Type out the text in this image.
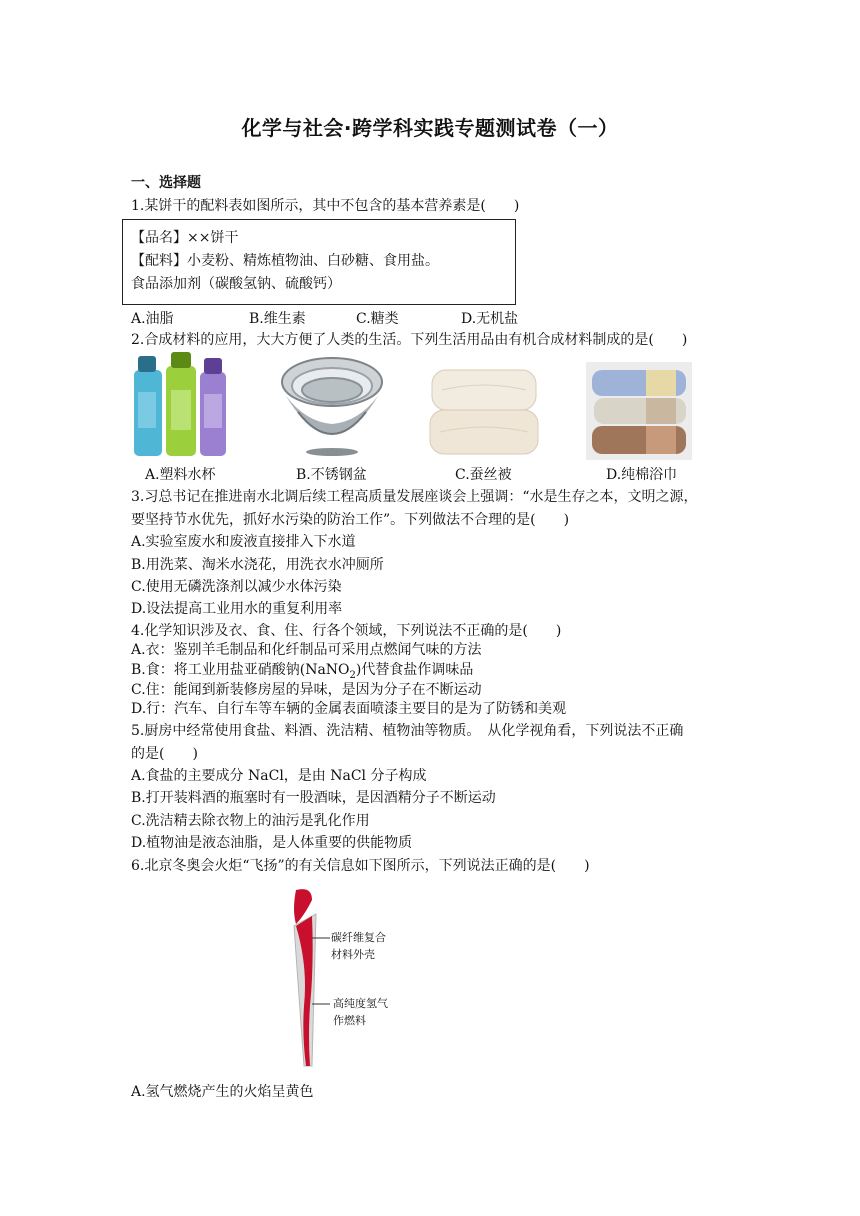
化学与社会·跨学科实践专题测试卷（一）
一、选择题
1.某饼干的配料表如图所示，其中不包含的基本营养素是(　　)
【品名】××饼干
【配料】小麦粉、精炼植物油、白砂糖、食用盐。
食品添加剂（碳酸氢钠、硫酸钙）
A.油脂	B.维生素	C.糖类	D.无机盐
2.合成材料的应用，大大方便了人类的生活。下列生活用品由有机合成材料制成的是(　　)
A.塑料水杯	B.不锈钢盆	C.蚕丝被	D.纯棉浴巾
3.习总书记在推进南水北调后续工程高质量发展座谈会上强调：“水是生存之本，文明之源，
要坚持节水优先，抓好水污染的防治工作”。下列做法不合理的是(　　)
A.实验室废水和废液直接排入下水道
B.用洗菜、淘米水浇花，用洗衣水冲厕所
C.使用无磷洗涤剂以减少水体污染
D.设法提高工业用水的重复利用率
4.化学知识涉及衣、食、住、行各个领域，下列说法不正确的是(　　)
A.衣：鉴别羊毛制品和化纤制品可采用点燃闻气味的方法
B.食：将工业用盐亚硝酸钠(NaNO$_2$)代替食盐作调味品
C.住：能闻到新装修房屋的异味，是因为分子在不断运动
D.行：汽车、自行车等车辆的金属表面喷漆主要目的是为了防锈和美观
5.厨房中经常使用食盐、料酒、洗洁精、植物油等物质。　从化学视角看，下列说法不正确
的是(　　)
A.食盐的主要成分 NaCl，是由 NaCl 分子构成
B.打开装料酒的瓶塞时有一股酒味，是因酒精分子不断运动
C.洗洁精去除衣物上的油污是乳化作用
D.植物油是液态油脂，是人体重要的供能物质
6.北京冬奥会火炬“飞扬”的有关信息如下图所示，下列说法正确的是(　　)
碳纤维复合
材料外壳
高纯度氢气
作燃料
A.氢气燃烧产生的火焰呈黄色
